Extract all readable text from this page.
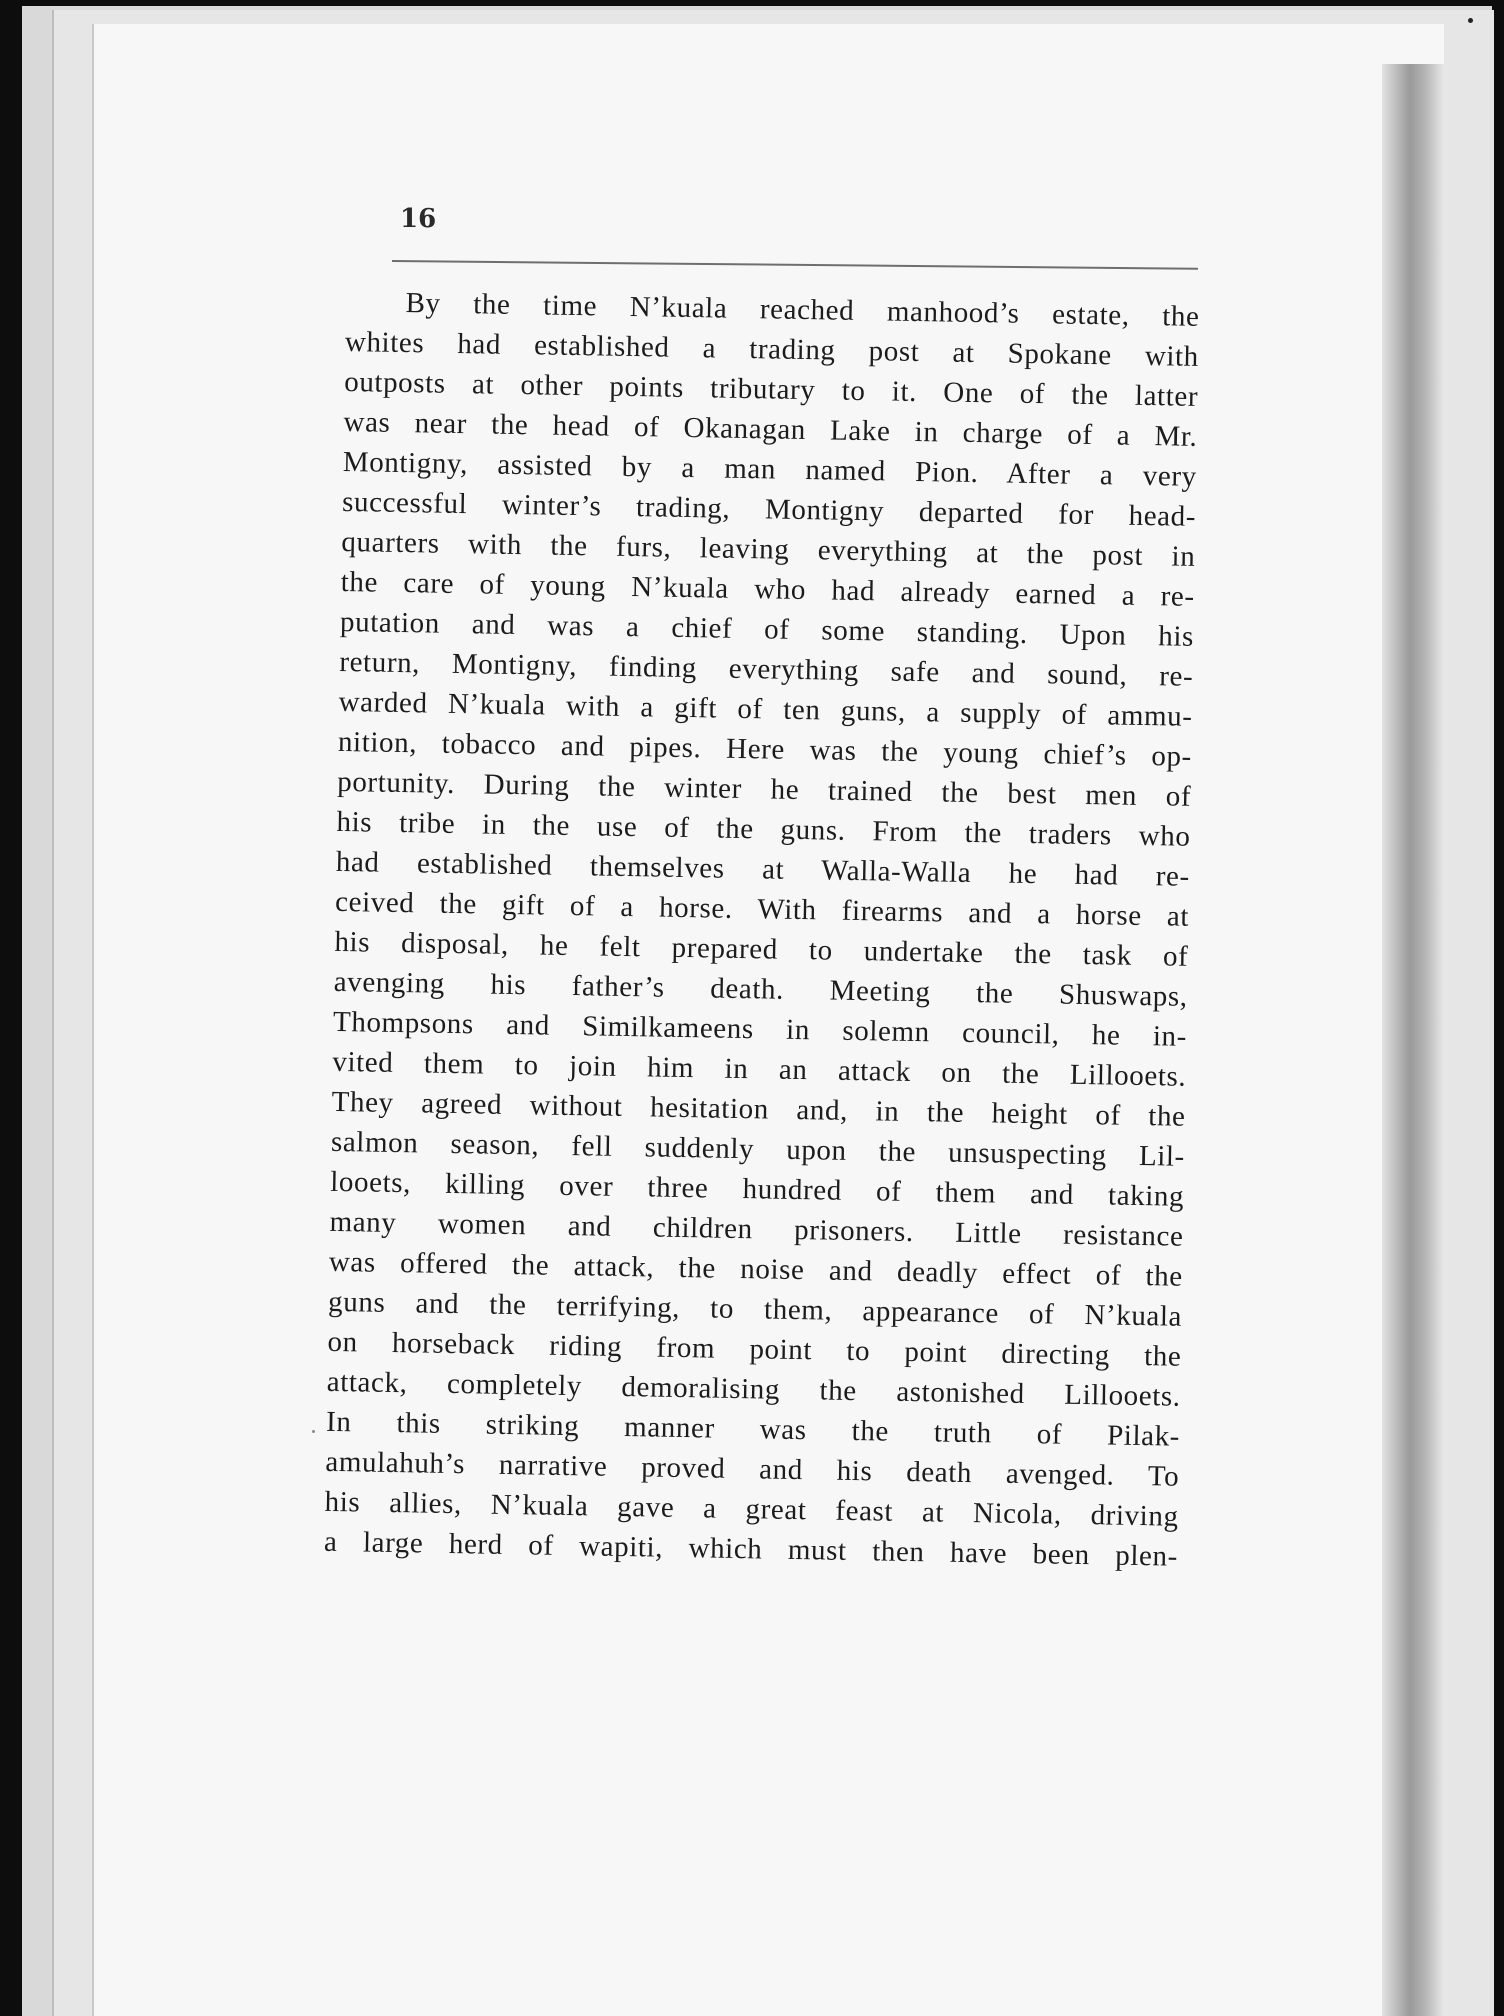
16

By the time N’kuala reached manhood’s estate, the
whites had established a trading post at Spokane with
outposts at other points tributary to it. One of the latter
was near the head of Okanagan Lake in charge of a Mr.
Montigny, assisted by a man named Pion. After a very
successful winter’s trading, Montigny departed for head-
quarters with the furs, leaving everything at the post in
the care of young N’kuala who had already earned a re-
putation and was a chief of some standing. Upon his
return, Montigny, finding everything safe and sound, re-
warded N’kuala with a gift of ten guns, a supply of ammu-
nition, tobacco and pipes. Here was the young chief’s op-
portunity. During the winter he trained the best men of
his tribe in the use of the guns. From the traders who
had established themselves at Walla-Walla he had re-
ceived the gift of a horse. With firearms and a horse at
his disposal, he felt prepared to undertake the task of
avenging his father’s death. Meeting the Shuswaps,
Thompsons and Similkameens in solemn council, he in-
vited them to join him in an attack on the Lillooets.
They agreed without hesitation and, in the height of the
salmon season, fell suddenly upon the unsuspecting Lil-
looets, killing over three hundred of them and taking
many women and children prisoners. Little resistance
was offered the attack, the noise and deadly effect of the
guns and the terrifying, to them, appearance of N’kuala
on horseback riding from point to point directing the
attack, completely demoralising the astonished Lillooets.
In this striking manner was the truth of Pilak-
amulahuh’s narrative proved and his death avenged. To
his allies, N’kuala gave a great feast at Nicola, driving
a large herd of wapiti, which must then have been plen-
